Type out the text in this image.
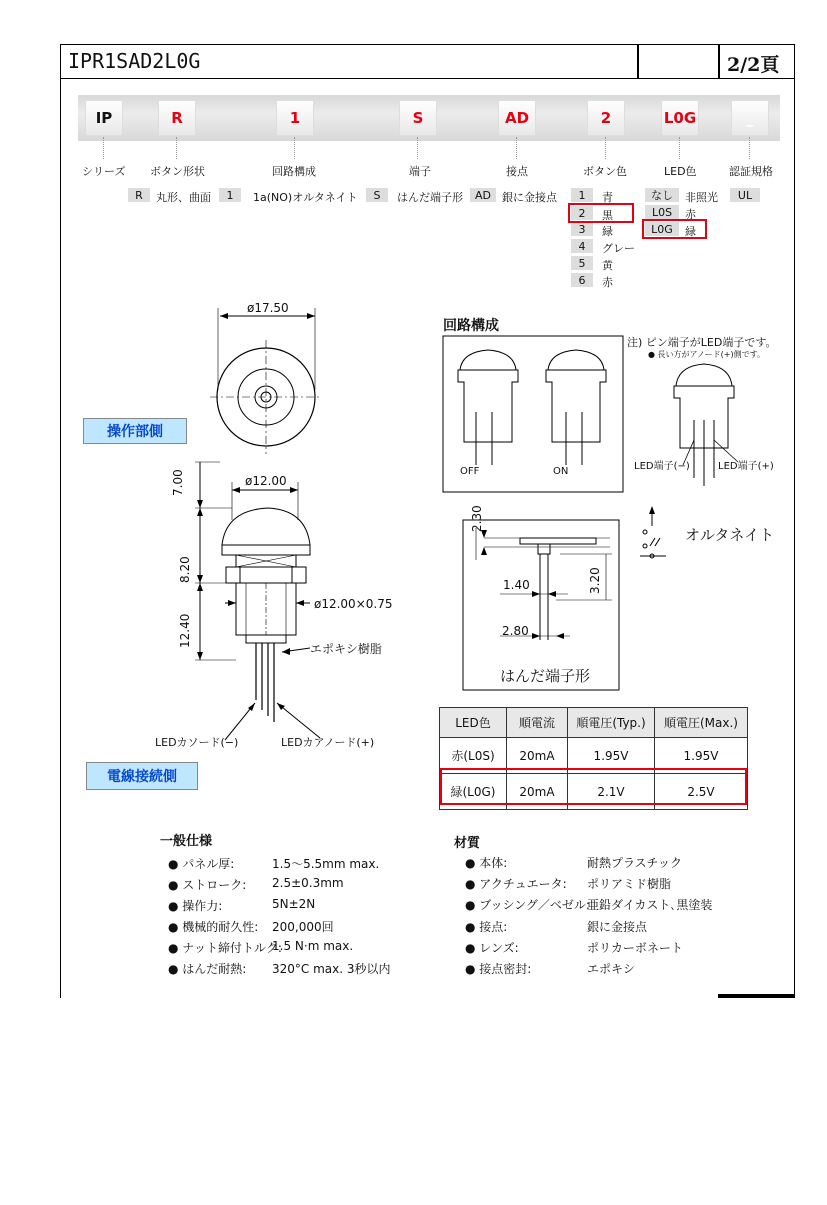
IPR1SAD2L0G	2/2頁
IP	R	1	S	AD	2	L0G	_
シリーズ ボタン形状	回路構成	端子	接点	ボタン色	LED色	認証規格
R	丸形、曲面	1	1a(NO)オルタネイト	S	はんだ端子形	AD	銀に金接点	1	青
2	黒
3	緑
4	グレー
5	黄
6	赤
なし	非照光
L0S	赤
L0G	緑
UL
ø17.50
操作部側
ø12.00
7.00
8.20
12.40
ø12.00×0.75
エポキシ樹脂
LEDカソード(−)	LEDカアノード(+)
電線接続側
回路構成
OFF	ON
注) ピン端子がLED端子です。
● 長い方がアノード(+)側です。
LED端子(−)	LED端子(+)
オルタネイト
2.30
1.40	3.20
2.80
はんだ端子形
LED色	順電流	順電圧(Typ.)	順電圧(Max.)
赤(L0S)	20mA	1.95V	1.95V
緑(L0G)	20mA	2.1V	2.5V
一般仕様
● パネル厚:	1.5〜5.5mm max.
● ストローク: 2.5±0.3mm
● 操作力:	5N±2N
● 機械的耐久性: 200,000回
● ナット締付トルク:
1.5 N·m max.
● はんだ耐熱: 320°C max. 3秒以内
材質
● 本体:	耐熱プラスチック
● アクチュエータ: ポリアミド樹脂
● ブッシング／ベゼル:
亜鉛ダイカスト､黒塗装
● 接点:	銀に金接点
● レンズ:	ポリカーボネート
● 接点密封:	エポキシ
